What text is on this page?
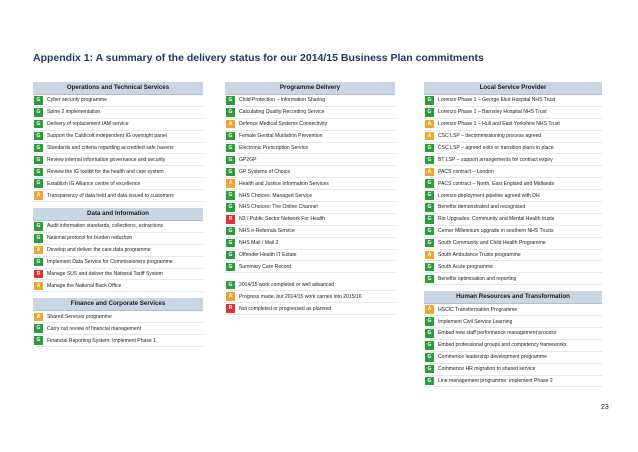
Appendix 1: A summary of the delivery status for our 2014/15 Business Plan commitments
Operations and Technical Services
G	Cyber security programme
G	Spine 2 implementation
G	Delivery of replacement IAM service
G	Support the Caldicott independent IG oversight panel
G	Standards and criteria regarding accredited safe havens
G	Review internal information governance and security
G	Review the IG toolkit for the health and care system
G	Establish IG Alliance centre of excellence
A	Transparency of data held and data issued to customers
Data and Information
G	Audit information standards, collections, extractions
G	National protocol for burden reduction
A	Develop and deliver the care.data programme
G	Implement Data Service for Commissioners programme
R	Manage SUS and deliver the National Tariff System
A	Manage the National Back Office
Finance and Corporate Services
A	Shared Services programme
G	Carry out review of financial management
G	Financial Reporting System: Implement Phase 1
Programme Delivery
G	Child Protection – Information Sharing
G	Calculating Quality Recording Service
A	Defence Medical Systems Connectivity
G	Female Genital Mutilation Prevention
G	Electronic Prescription Service
G	GP2GP
G	GP Systems of Choice
A	Health and Justice Information Services
G	NHS Choices: Managed Service
G	NHS Choices: The Online Channel
R	N3 / Public Sector Network For Health
G	NHS e-Referrals Service
G	NHS Mail / Mail 2
G	Offender Health IT Estate
G	Summary Care Record
G	2014/15 work completed or well advanced
A	Progress made, but 2014/15 work carries into 2015/16
R	Not completed or progressed as planned
Local Service Provider
G	Lorenzo Phase 1 – George Eliot Hospital NHS Trust
G	Lorenzo Phase 1 – Barnsley Hospital NHS Trust
A	Lorenzo Phase 1 – Hull and East Yorkshire NHS Trust
A	CSC LSP – decommissioning process agreed
G	CSC LSP – agreed exits or transition plans in place
G	BT LSP – support arrangements for contract expiry
A	PACS contract – London
G	PACS contract – North, East England and Midlands
G	Lorenzo deployment pipeline agreed with DH
G	Benefits demonstrated and recognised
G	Rio Upgrades: Community and Mental Health trusts
G	Cerner Millennium upgrade in southern NHS Trusts
G	South Community and Child Health Programme
A	South Ambulance Trusts programme
G	South Acute programme
G	Benefits optimisation and reporting
Human Resources and Transformation
A	HSCIC Transformation Programme
G	Implement Civil Service Learning
G	Embed new staff performance management process
G	Embed professional groups and competency frameworks
G	Commence leadership development programme
G	Commence HR migration to shared service
G	Line management programme: implement Phase 2
23
